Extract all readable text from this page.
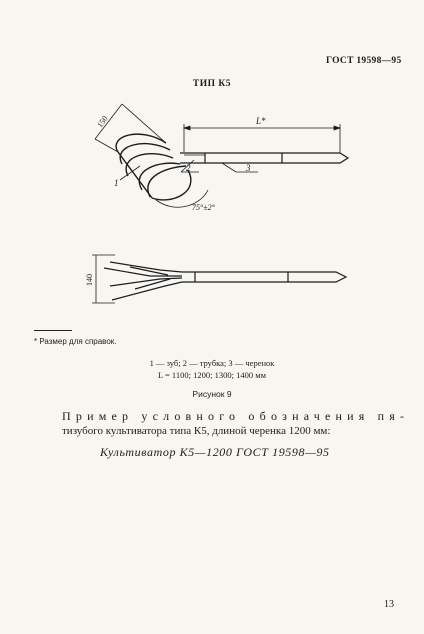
ГОСТ 19598—95
ТИП К5
L*
150
75°±2°
1
2	3
140
* Размер для справок.
1 — зуб; 2 — трубка; 3 — черенок
L = 1100; 1200; 1300; 1400 мм
Рисунок 9
Пример условного обозначения пя-
тизубого культиватора типа К5, длиной черенка 1200 мм:
Культиватор К5—1200 ГОСТ 19598—95
13
